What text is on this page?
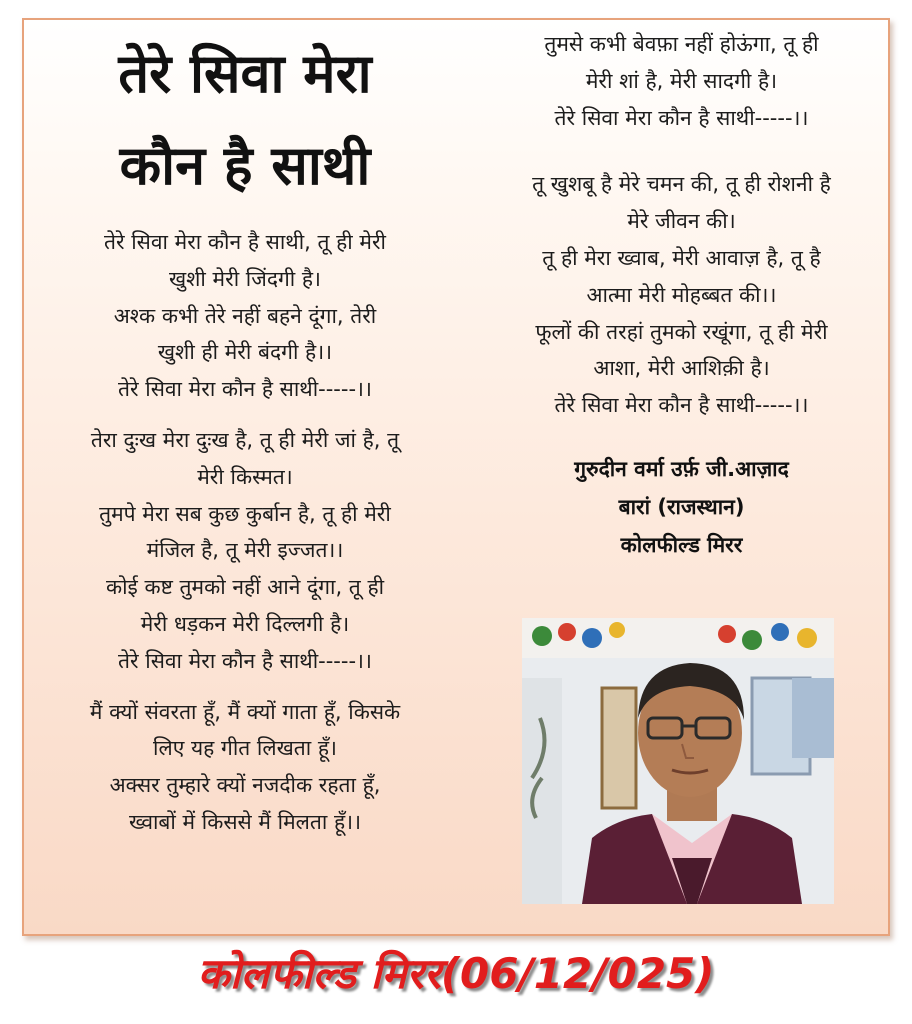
तेरे सिवा मेरा
कौन है साथी
तेरे सिवा मेरा कौन है साथी, तू ही मेरी
खुशी मेरी जिंदगी है।
अश्क कभी तेरे नहीं बहने दूंगा, तेरी
खुशी ही मेरी बंदगी है।।
तेरे सिवा मेरा कौन है साथी-----।।
तेरा दुःख मेरा दुःख है, तू ही मेरी जां है, तू
मेरी किस्मत।
तुमपे मेरा सब कुछ कुर्बान है, तू ही मेरी
मंजिल है, तू मेरी इज्जत।।
कोई कष्ट तुमको नहीं आने दूंगा, तू ही
मेरी धड़कन मेरी दिल्लगी है।
तेरे सिवा मेरा कौन है साथी-----।।
मैं क्यों संवरता हूँ, मैं क्यों गाता हूँ, किसके
लिए यह गीत लिखता हूँ।
अक्सर तुम्हारे क्यों नजदीक रहता हूँ,
ख्वाबों में किससे मैं मिलता हूँ।।
तुमसे कभी बेवफ़ा नहीं होऊंगा, तू ही
मेरी शां है, मेरी सादगी है।
तेरे सिवा मेरा कौन है साथी-----।।
तू खुशबू है मेरे चमन की, तू ही रोशनी है
मेरे जीवन की।
तू ही मेरा ख्वाब, मेरी आवाज़ है, तू है
आत्मा मेरी मोहब्बत की।।
फूलों की तरहां तुमको रखूंगा, तू ही मेरी
आशा, मेरी आशिक़ी है।
तेरे सिवा मेरा कौन है साथी-----।।
गुरुदीन वर्मा उर्फ़ जी.आज़ाद
बारां (राजस्थान)
कोलफील्ड मिरर
कोलफील्ड मिरर(06/12/025)
